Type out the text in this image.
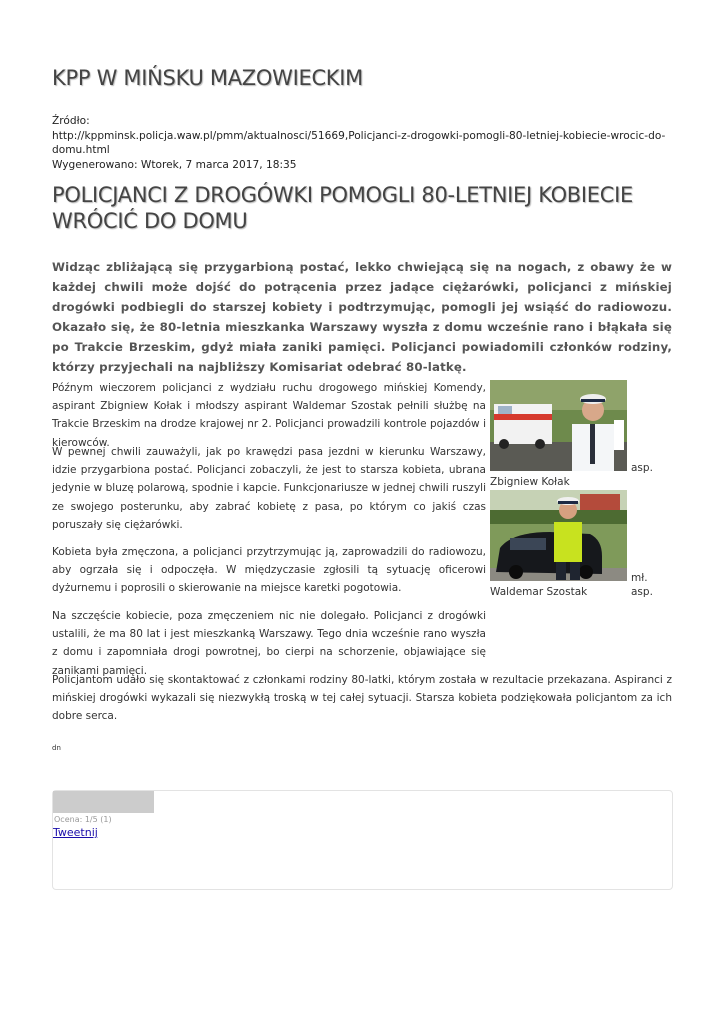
KPP W MIŃSKU MAZOWIECKIM
Źródło:
http://kppminsk.policja.waw.pl/pmm/aktualnosci/51669,Policjanci-z-drogowki-pomogli-80-letniej-kobiecie-wrocic-do-domu.html
Wygenerowano: Wtorek, 7 marca 2017, 18:35
POLICJANCI Z DROGÓWKI POMOGLI 80-LETNIEJ KOBIECIE WRÓCIĆ DO DOMU

Widząc zbliżającą się przygarbioną postać, lekko chwiejącą się na nogach, z obawy że w każdej chwili może dojść do potrącenia przez jadące ciężarówki, policjanci z mińskiej drogówki podbiegli do starszej kobiety i podtrzymując, pomogli jej wsiąść do radiowozu. Okazało się, że 80-letnia mieszkanka Warszawy wyszła z domu wcześnie rano i błąkała się po Trakcie Brzeskim, gdyż miała zaniki pamięci. Policjanci powiadomili członków rodziny, którzy przyjechali na najbliższy Komisariat odebrać 80-latkę.

Późnym wieczorem policjanci z wydziału ruchu drogowego mińskiej Komendy, aspirant Zbigniew Kołak i młodszy aspirant Waldemar Szostak pełnili służbę na Trakcie Brzeskim na drodze krajowej nr 2. Policjanci prowadzili kontrole pojazdów i kierowców.

W pewnej chwili zauważyli, jak po krawędzi pasa jezdni w kierunku Warszawy, idzie przygarbiona postać. Policjanci zobaczyli, że jest to starsza kobieta, ubrana jedynie w bluzę polarową, spodnie i kapcie. Funkcjonariusze w jednej chwili ruszyli ze swojego posterunku, aby zabrać kobietę z pasa, po którym co jakiś czas poruszały się ciężarówki.

Kobieta była zmęczona, a policjanci przytrzymując ją, zaprowadzili do radiowozu, aby ogrzała się i odpoczęła. W międzyczasie zgłosili tą sytuację oficerowi dyżurnemu i poprosili o skierowanie na miejsce karetki pogotowia.

Na szczęście kobiecie, poza zmęczeniem nic nie dolegało. Policjanci z drogówki ustalili, że ma 80 lat i jest mieszkanką Warszawy. Tego dnia wcześnie rano wyszła z domu i zapomniała drogi powrotnej, bo cierpi na schorzenie, objawiające się zanikami pamięci.

Policjantom udało się skontaktować z członkami rodziny 80-latki, którym została w rezultacie przekazana. Aspiranci z mińskiej drogówki wykazali się niezwykłą troską w tej całej sytuacji. Starsza kobieta podziękowała policjantom za ich dobre serca.

asp.
Zbigniew Kołak
mł. asp.
Waldemar Szostak
dn
Ocena: 1/5 (1)
Tweetnij
